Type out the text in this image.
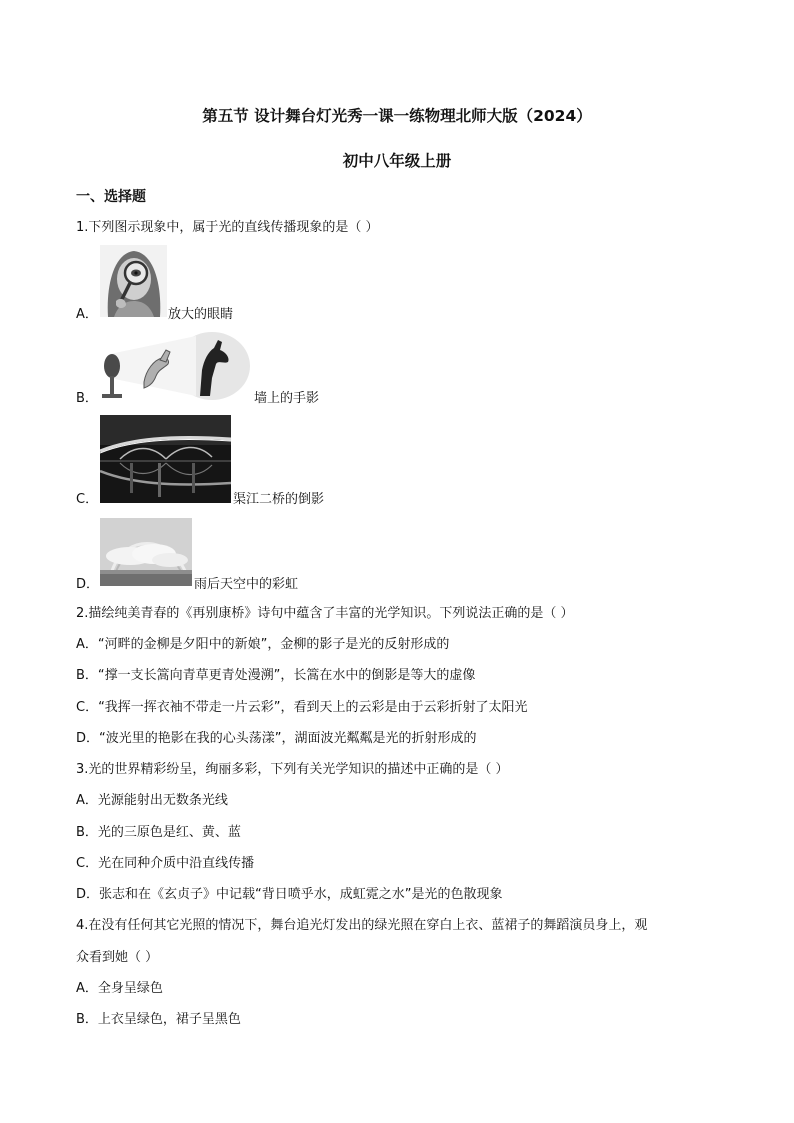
第五节 设计舞台灯光秀一课一练物理北师大版（2024）
初中八年级上册
一、选择题
1.下列图示现象中，属于光的直线传播现象的是（ ）
A．	放大的眼睛
B．	墙上的手影
C．	渠江二桥的倒影
D．	雨后天空中的彩虹
2.描绘纯美青春的《再别康桥》诗句中蕴含了丰富的光学知识。下列说法正确的是（ ）
A．“河畔的金柳是夕阳中的新娘”，金柳的影子是光的反射形成的
B．“撑一支长篙向青草更青处漫溯”，长篙在水中的倒影是等大的虚像
C．“我挥一挥衣袖不带走一片云彩”，看到天上的云彩是由于云彩折射了太阳光
D．“波光里的艳影在我的心头荡漾”，湖面波光粼粼是光的折射形成的
3.光的世界精彩纷呈，绚丽多彩，下列有关光学知识的描述中正确的是（ ）
A．光源能射出无数条光线
B．光的三原色是红、黄、蓝
C．光在同种介质中沿直线传播
D．张志和在《玄贞子》中记载“背日喷乎水，成虹霓之水”是光的色散现象
4.在没有任何其它光照的情况下，舞台追光灯发出的绿光照在穿白上衣、蓝裙子的舞蹈演员身上，观
众看到她（ ）
A．全身呈绿色
B．上衣呈绿色，裙子呈黑色
